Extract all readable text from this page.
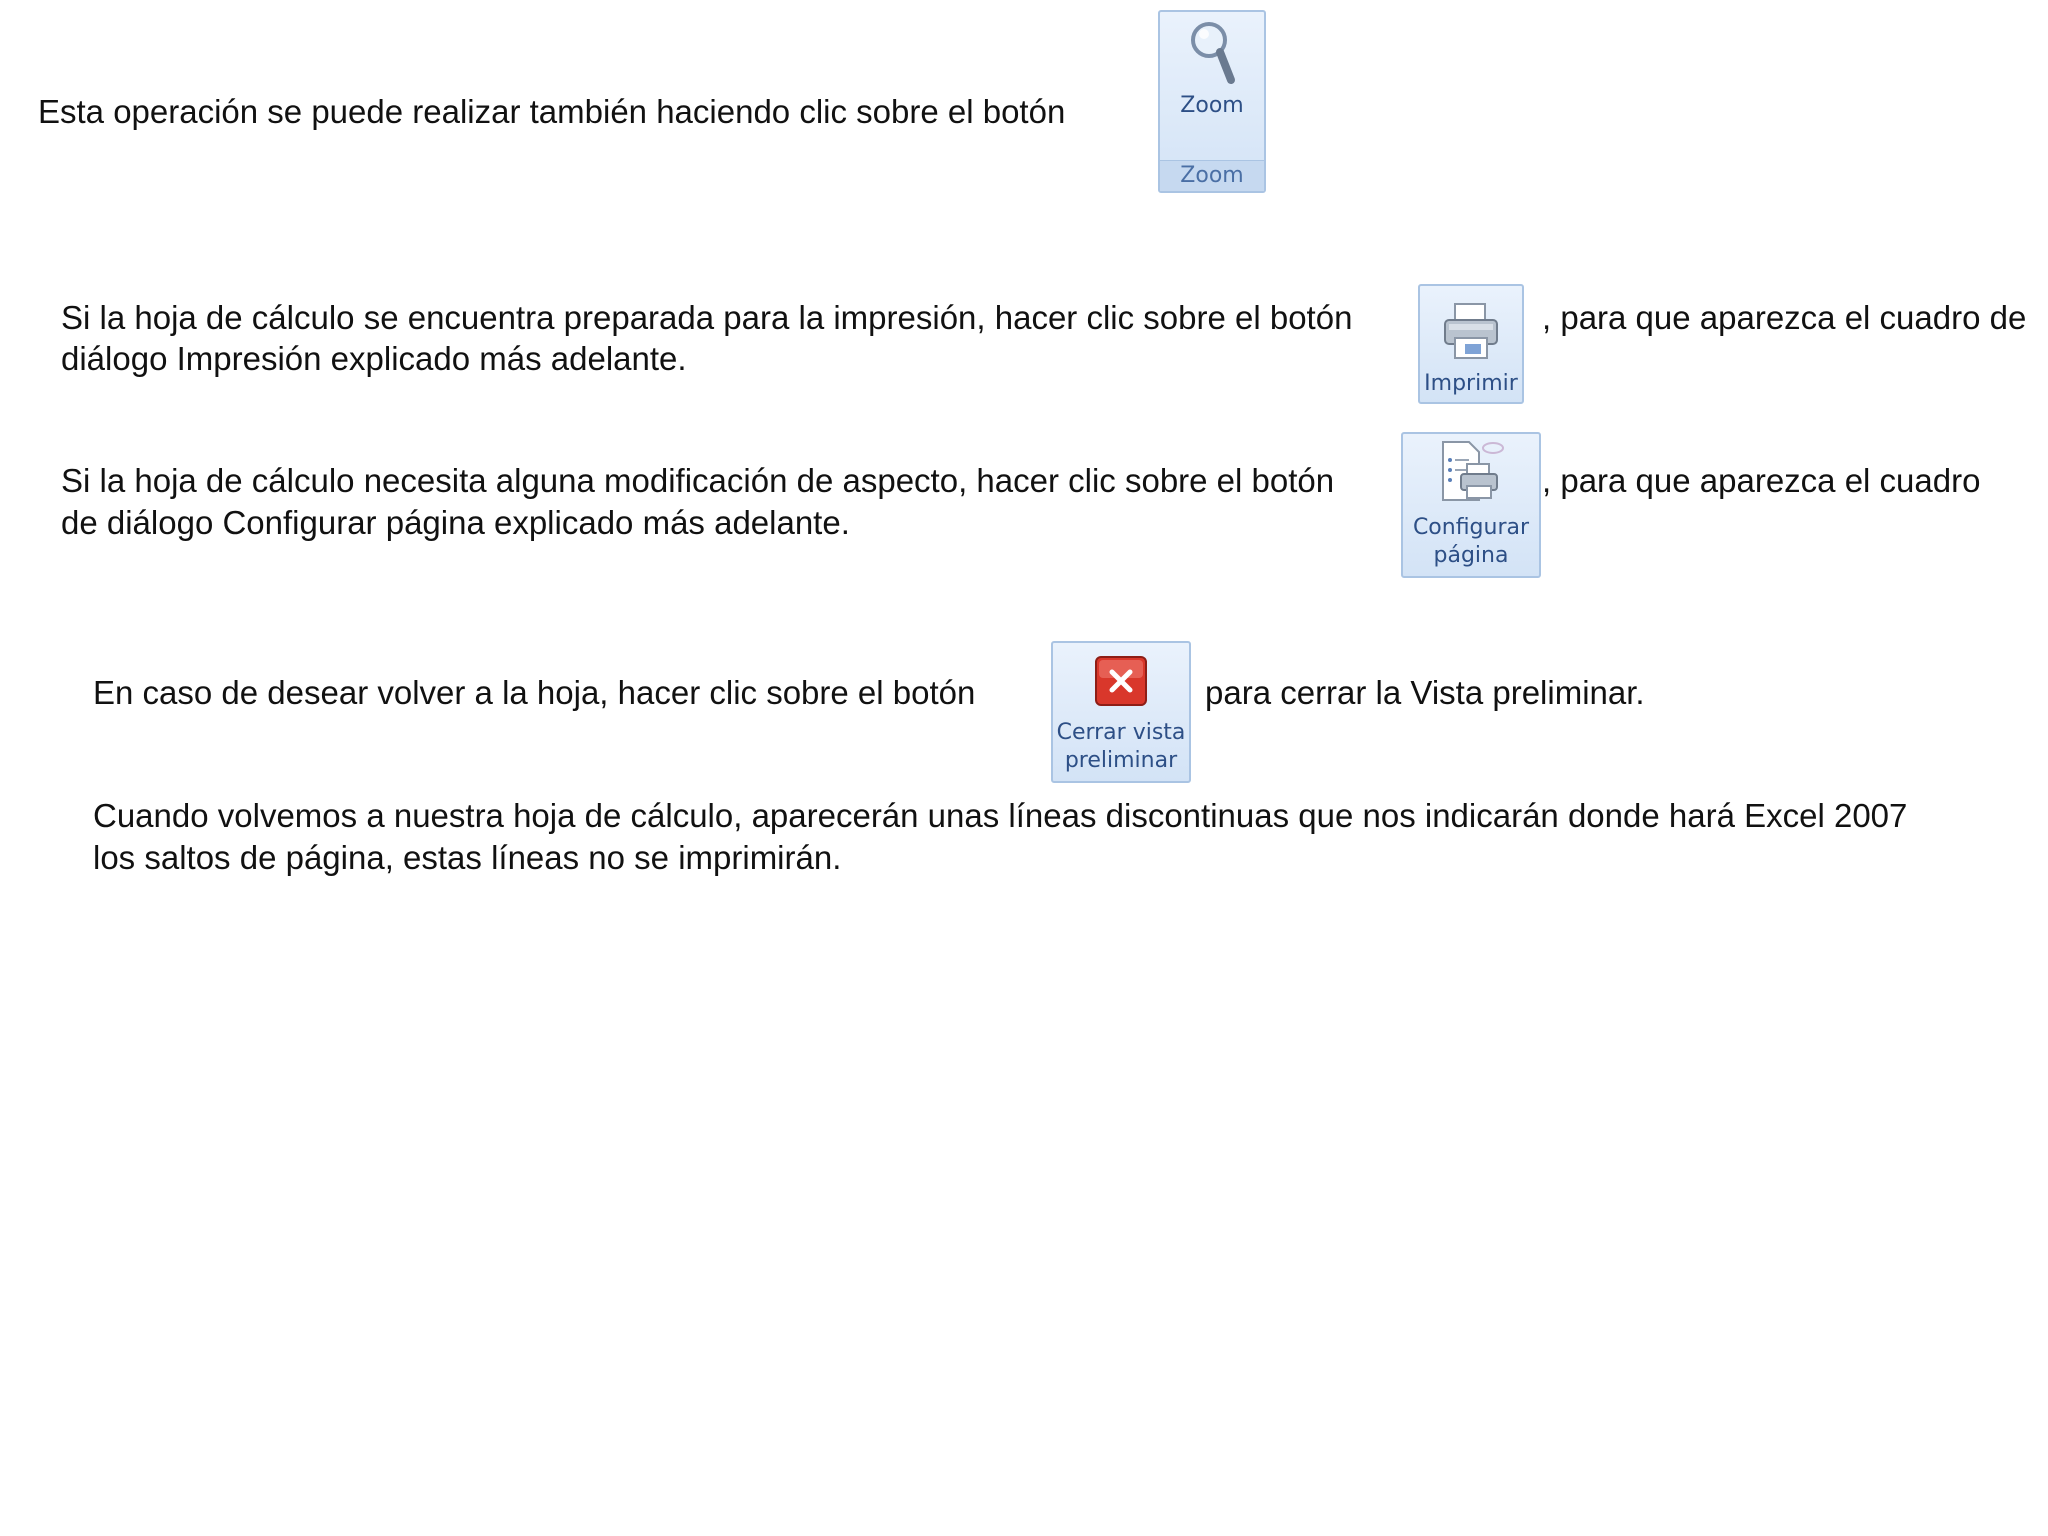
Esta operación se puede realizar también haciendo clic sobre el botón	Zoom
Zoom

Si la hoja de cálculo se encuentra preparada para la impresión, hacer clic sobre el botón	, para que aparezca el cuadro de

diálogo Impresión explicado más adelante.

Imprimir

Si la hoja de cálculo necesita alguna modificación de aspecto, hacer clic sobre el botón	, para que aparezca el cuadro

de diálogo Configurar página explicado más adelante.	Configurar
página

En caso de desear volver a la hoja, hacer clic sobre el botón	para cerrar la Vista preliminar.

Cerrar vista
preliminar

Cuando volvemos a nuestra hoja de cálculo, aparecerán unas líneas discontinuas que nos indicarán donde hará Excel 2007

los saltos de página, estas líneas no se imprimirán.
